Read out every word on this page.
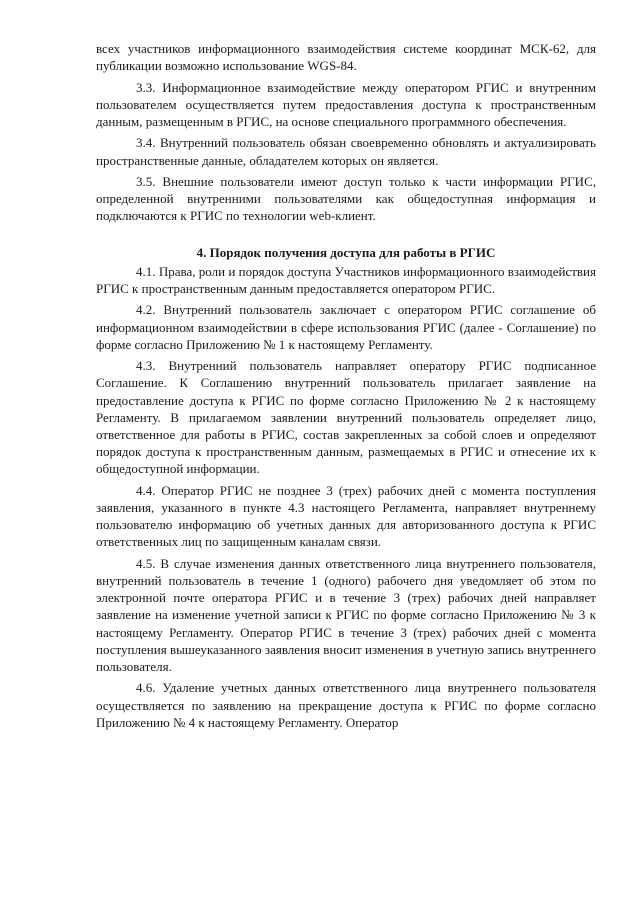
всех участников информационного взаимодействия системе координат МСК-62, для публикации возможно использование WGS-84.

3.3. Информационное взаимодействие между оператором РГИС и внутренним пользователем осуществляется путем предоставления доступа к пространственным данным, размещенным в РГИС, на основе специального программного обеспечения.

3.4. Внутренний пользователь обязан своевременно обновлять и актуализировать пространственные данные, обладателем которых он является.

3.5. Внешние пользователи имеют доступ только к части информации РГИС, определенной внутренними пользователями как общедоступная информация и подключаются к РГИС по технологии web-клиент.

4. Порядок получения доступа для работы в РГИС

4.1. Права, роли и порядок доступа Участников информационного взаимодействия РГИС к пространственным данным предоставляется оператором РГИС.

4.2. Внутренний пользователь заключает с оператором РГИС соглашение об информационном взаимодействии в сфере использования РГИС (далее - Соглашение) по форме согласно Приложению № 1 к настоящему Регламенту.

4.3. Внутренний пользователь направляет оператору РГИС подписанное Соглашение. К Соглашению внутренний пользователь прилагает заявление на предоставление доступа к РГИС по форме согласно Приложению № 2 к настоящему Регламенту. В прилагаемом заявлении внутренний пользователь определяет лицо, ответственное для работы в РГИС, состав закрепленных за собой слоев и определяют порядок доступа к пространственным данным, размещаемых в РГИС и отнесение их к общедоступной информации.

4.4. Оператор РГИС не позднее 3 (трех) рабочих дней с момента поступления заявления, указанного в пункте 4.3 настоящего Регламента, направляет внутреннему пользователю информацию об учетных данных для авторизованного доступа к РГИС ответственных лиц по защищенным каналам связи.

4.5. В случае изменения данных ответственного лица внутреннего пользователя, внутренний пользователь в течение 1 (одного) рабочего дня уведомляет об этом по электронной почте оператора РГИС и в течение 3 (трех) рабочих дней направляет заявление на изменение учетной записи к РГИС по форме согласно Приложению № 3 к настоящему Регламенту. Оператор РГИС в течение 3 (трех) рабочих дней с момента поступления вышеуказанного заявления вносит изменения в учетную запись внутреннего пользователя.

4.6. Удаление учетных данных ответственного лица внутреннего пользователя осуществляется по заявлению на прекращение доступа к РГИС по форме согласно Приложению № 4 к настоящему Регламенту. Оператор
